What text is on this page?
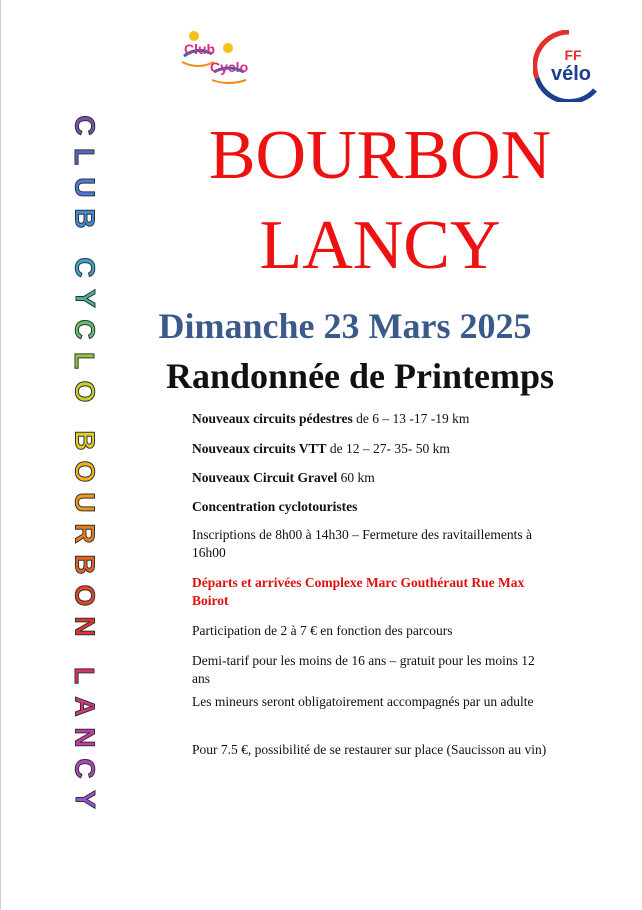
Club
Cyclo
FF
vélo
C
L
U
B
C
Y
C
L
O
B
O
U
R
B
O
N
L
A
N
C
Y
BOURBON
LANCY
Dimanche 23 Mars 2025
Randonnée de Printemps

Nouveaux circuits pédestres de 6 – 13 -17 -19 km

Nouveaux circuits VTT de 12 – 27- 35- 50 km

Nouveaux Circuit Gravel 60 km

Concentration cyclotouristes

Inscriptions de 8h00 à 14h30 – Fermeture des ravitaillements à 16h00

Départs et arrivées Complexe Marc Gouthéraut Rue Max Boirot

Participation de 2 à 7 € en fonction des parcours

Demi-tarif pour les moins de 16 ans – gratuit pour les moins 12 ans

Les mineurs seront obligatoirement accompagnés par un adulte

Pour 7.5 €, possibilité de se restaurer sur place (Saucisson au vin)
